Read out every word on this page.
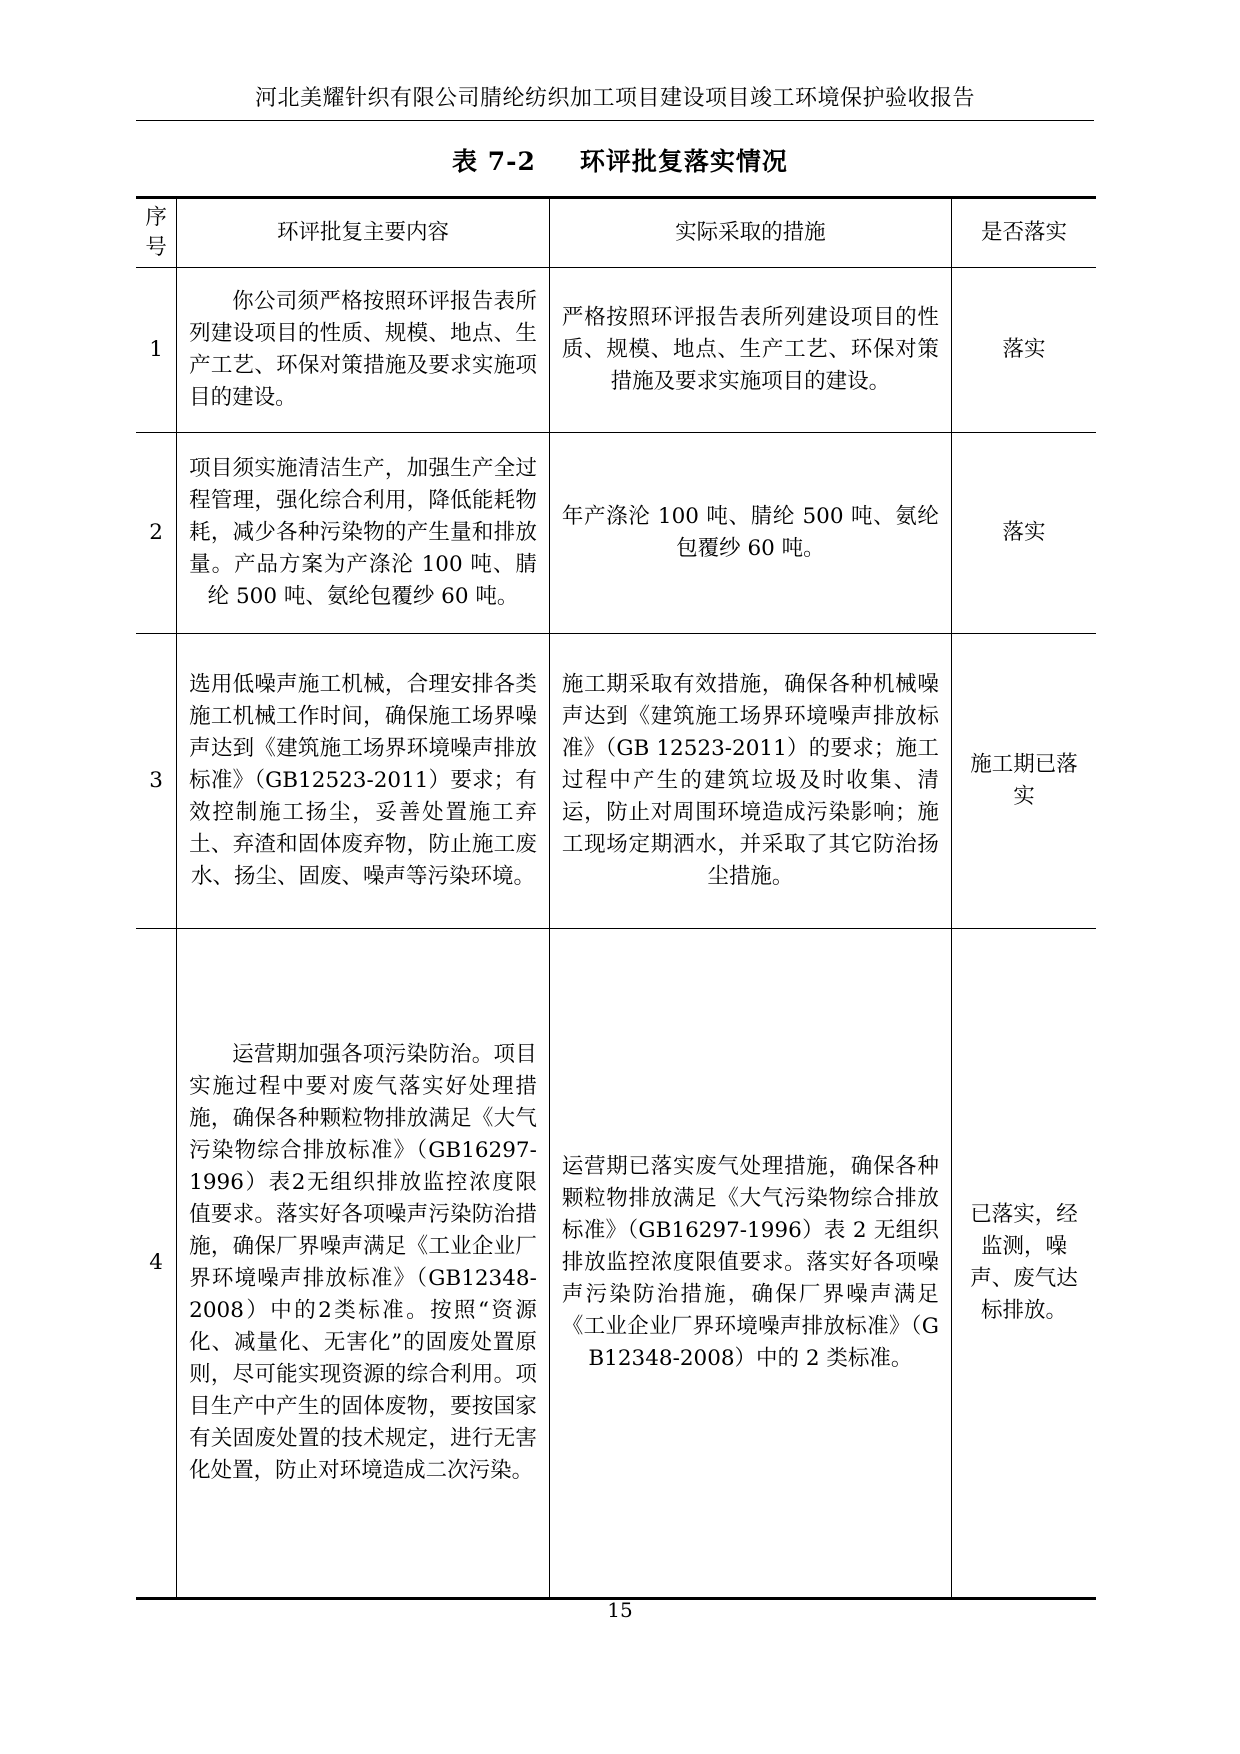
河北美耀针织有限公司腈纶纺织加工项目建设项目竣工环境保护验收报告
表 7-2 环评批复落实情况
序号	环评批复主要内容	实际采取的措施	是否落实
1	你公司须严格按照环评报告表所列建设项目的性质、规模、地点、生产工艺、环保对策措施及要求实施项目的建设。	严格按照环评报告表所列建设项目的性质、规模、地点、生产工艺、环保对策措施及要求实施项目的建设。	落实
2	项目须实施清洁生产，加强生产全过程管理，强化综合利用，降低能耗物耗，减少各种污染物的产生量和排放量。产品方案为产涤沦 100 吨、腈纶 500 吨、氨纶包覆纱 60 吨。	年产涤沦 100 吨、腈纶 500 吨、氨纶包覆纱 60 吨。	落实
3	选用低噪声施工机械，合理安排各类施工机械工作时间，确保施工场界噪声达到《建筑施工场界环境噪声排放标准》（GB12523-2011）要求；有效控制施工扬尘，妥善处置施工弃土、弃渣和固体废弃物，防止施工废水、扬尘、固废、噪声等污染环境。	施工期采取有效措施，确保各种机械噪声达到《建筑施工场界环境噪声排放标准》（GB 12523-2011）的要求；施工过程中产生的建筑垃圾及时收集、清运，防止对周围环境造成污染影响；施工现场定期洒水，并采取了其它防治扬尘措施。	施工期已落实
4	运营期加强各项污染防治。项目实施过程中要对废气落实好处理措施，确保各种颗粒物排放满足《大气污染物综合排放标准》（GB16297-1996）表2无组织排放监控浓度限值要求。落实好各项噪声污染防治措施，确保厂界噪声满足《工业企业厂界环境噪声排放标准》（GB12348-2008）中的2类标准。按照“资源化、减量化、无害化”的固废处置原则，尽可能实现资源的综合利用。项目生产中产生的固体废物，要按国家有关固废处置的技术规定，进行无害化处置，防止对环境造成二次污染。	运营期已落实废气处理措施，确保各种颗粒物排放满足《大气污染物综合排放标准》（GB16297-1996）表 2 无组织排放监控浓度限值要求。落实好各项噪声污染防治措施，确保厂界噪声满足《工业企业厂界环境噪声排放标准》（GB12348-2008）中的 2 类标准。	已落实，经监测，噪声、废气达标排放。
15
